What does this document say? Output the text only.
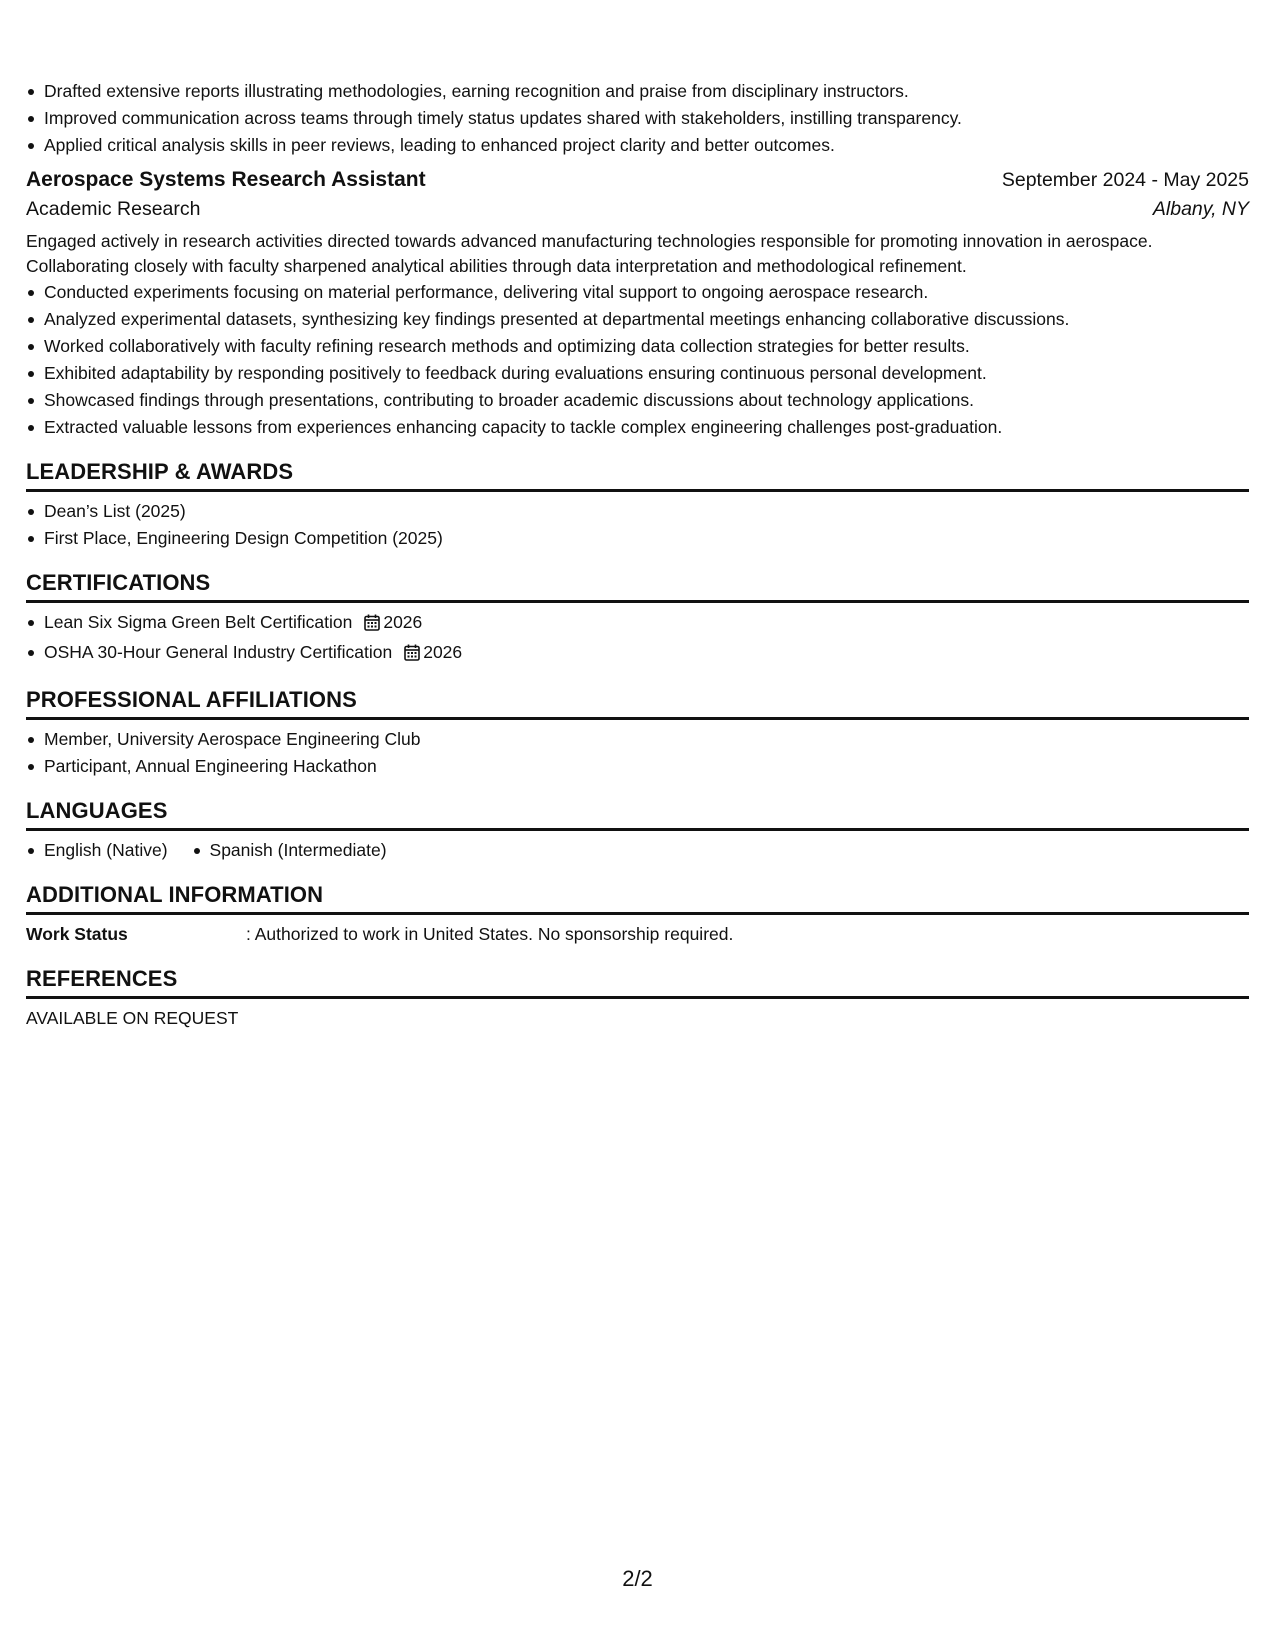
Drafted extensive reports illustrating methodologies, earning recognition and praise from disciplinary instructors.
Improved communication across teams through timely status updates shared with stakeholders, instilling transparency.
Applied critical analysis skills in peer reviews, leading to enhanced project clarity and better outcomes.
Aerospace Systems Research Assistant	September 2024 - May 2025
Academic Research	Albany, NY
Engaged actively in research activities directed towards advanced manufacturing technologies responsible for promoting innovation in aerospace. Collaborating closely with faculty sharpened analytical abilities through data interpretation and methodological refinement.
Conducted experiments focusing on material performance, delivering vital support to ongoing aerospace research.
Analyzed experimental datasets, synthesizing key findings presented at departmental meetings enhancing collaborative discussions.
Worked collaboratively with faculty refining research methods and optimizing data collection strategies for better results.
Exhibited adaptability by responding positively to feedback during evaluations ensuring continuous personal development.
Showcased findings through presentations, contributing to broader academic discussions about technology applications.
Extracted valuable lessons from experiences enhancing capacity to tackle complex engineering challenges post-graduation.
LEADERSHIP & AWARDS
Dean’s List (2025)
First Place, Engineering Design Competition (2025)
CERTIFICATIONS
Lean Six Sigma Green Belt Certification 2026
OSHA 30-Hour General Industry Certification 2026
PROFESSIONAL AFFILIATIONS
Member, University Aerospace Engineering Club
Participant, Annual Engineering Hackathon
LANGUAGES
English (Native)	Spanish (Intermediate)
ADDITIONAL INFORMATION
Work Status	: Authorized to work in United States. No sponsorship required.
REFERENCES
AVAILABLE ON REQUEST
2/2
